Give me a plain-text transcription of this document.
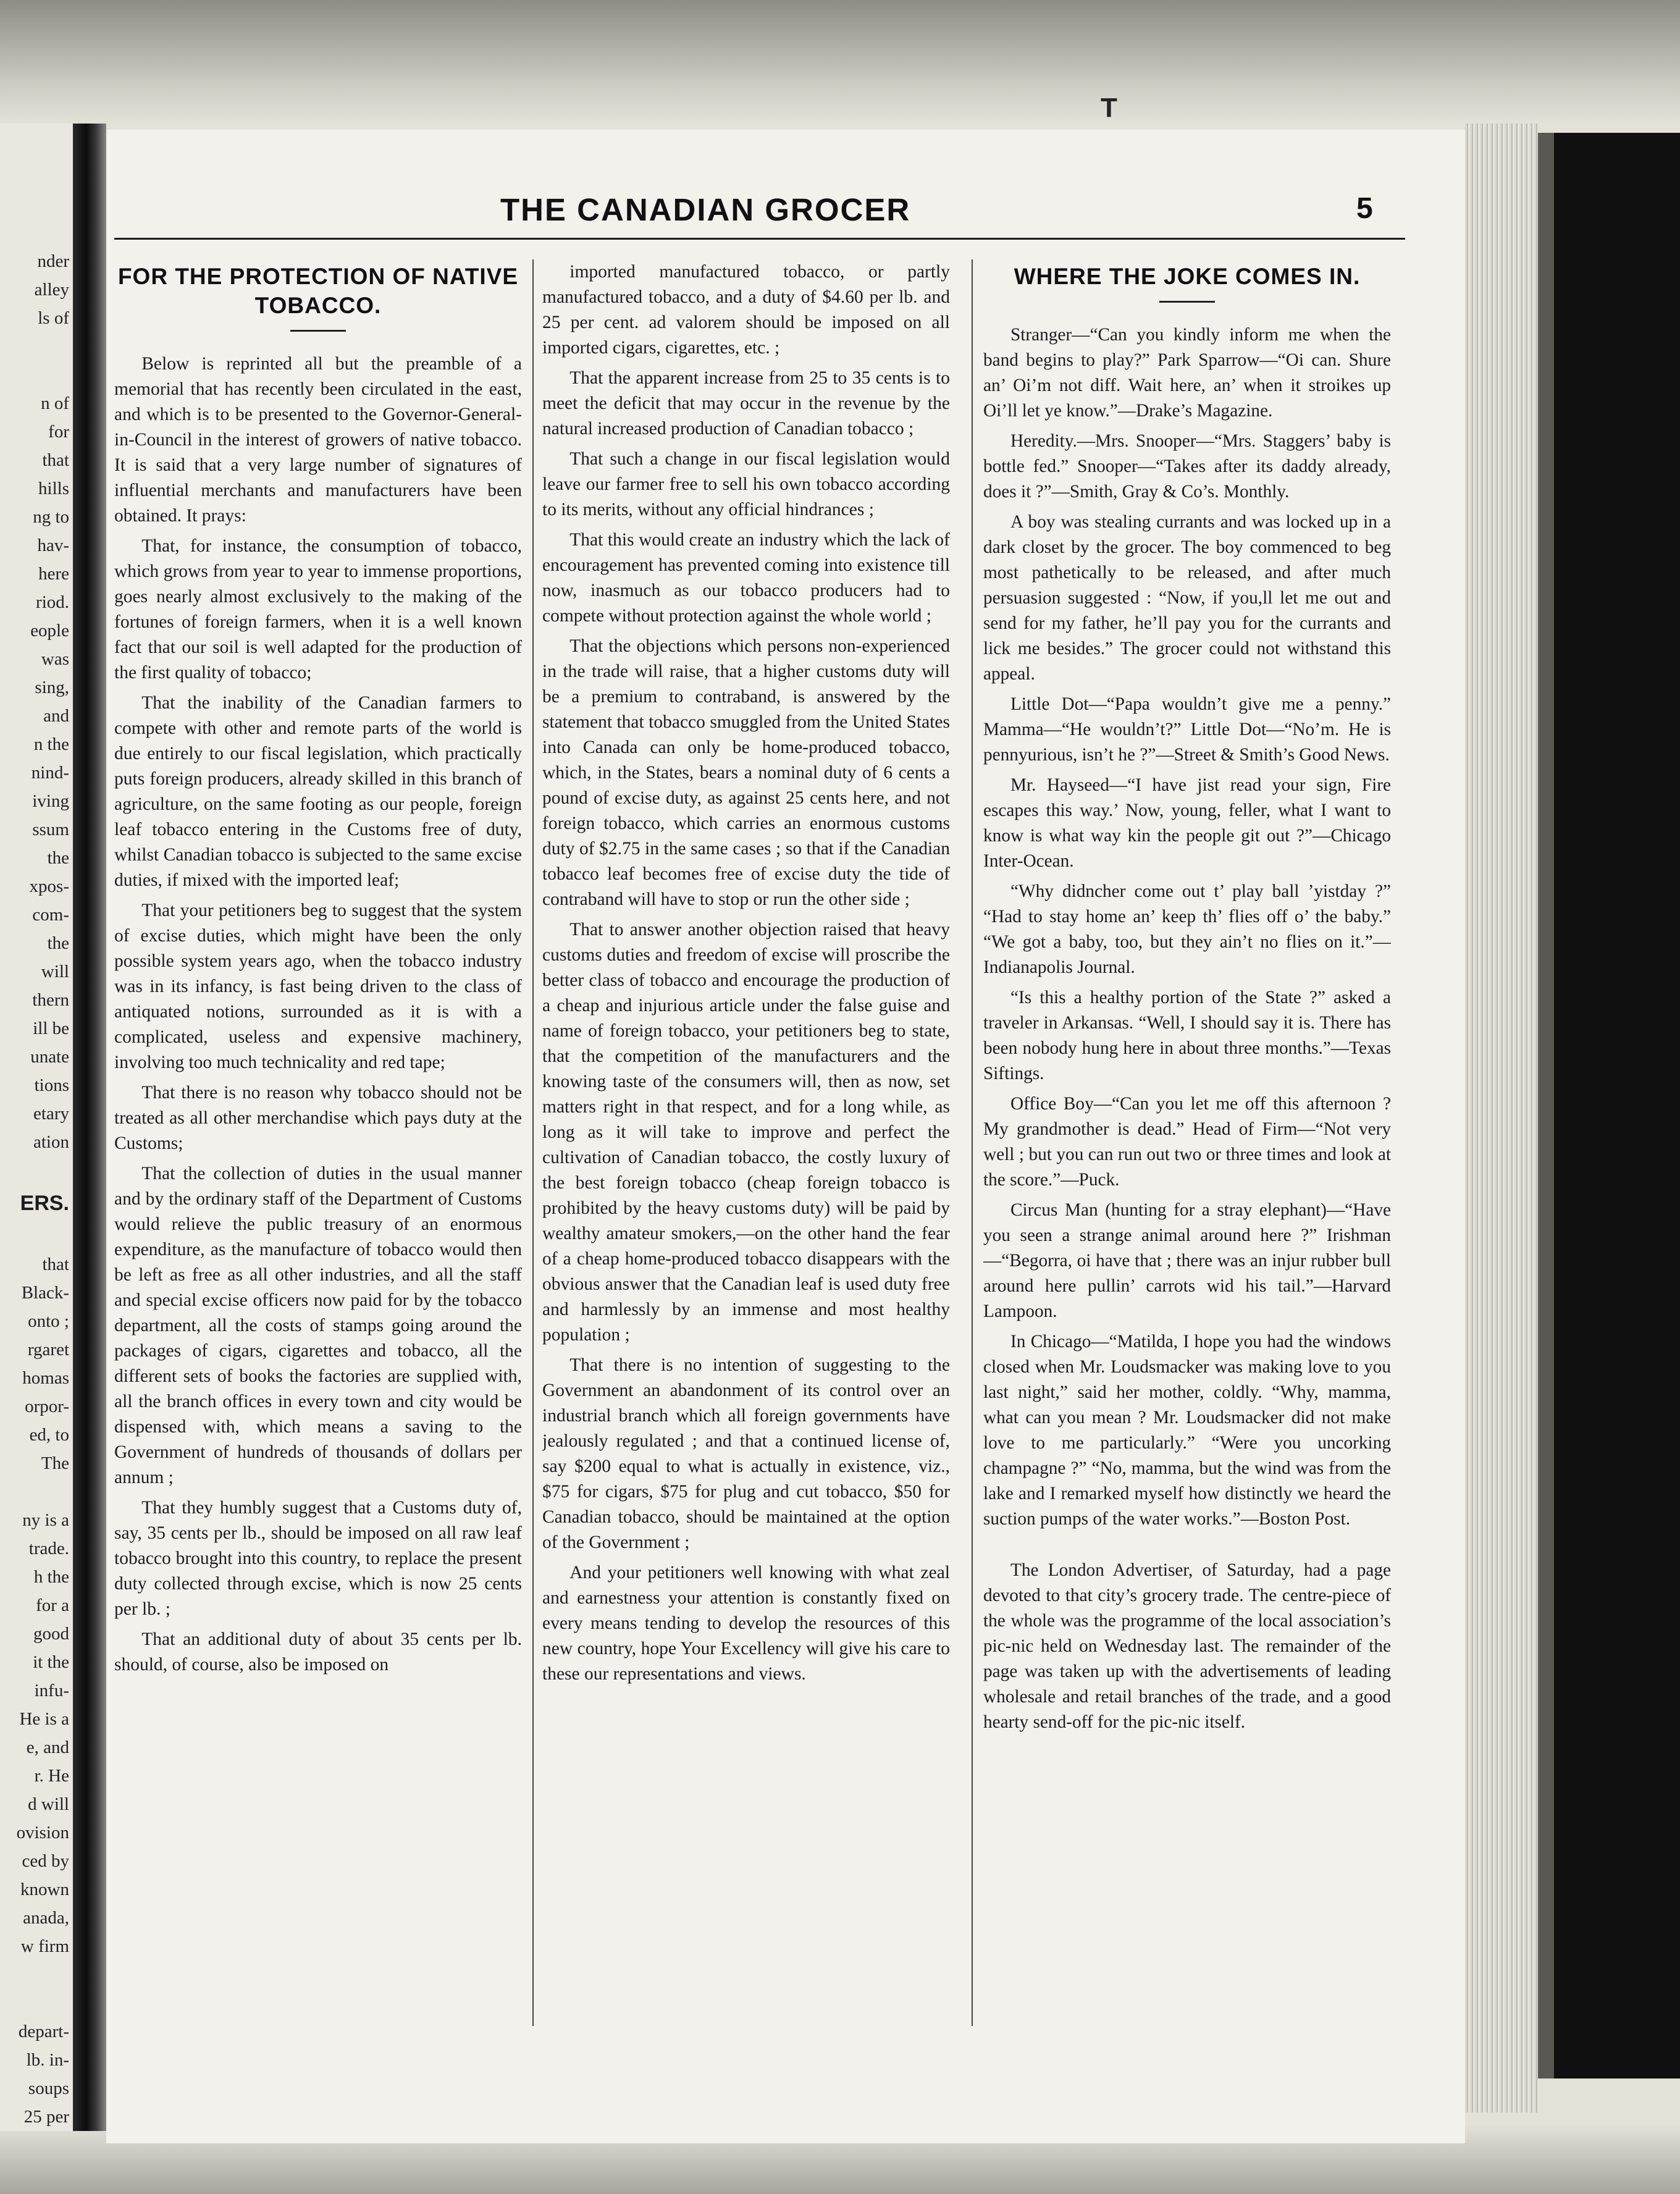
nder
alley
ls of
n of
for
that
hills
ng to
hav-
here
riod.
eople
was
sing,
and
n the
nind-
iving
ssum
the
xpos-
com-
the
will
thern
ill be
unate
tions
etary
ation
ERS.
that
Black-
onto ;
rgaret
homas
orpor-
ed, to
The
ny is a
trade.
h the
for a
good
it the
infu-
He is a
e, and
r. He
d will
ovision
ced by
known
anada,
w firm
depart-
lb. in-
soups
25 per
T
THE CANADIAN GROCER	5
FOR THE PROTECTION OF NATIVE TOBACCO.

Below is reprinted all but the preamble of a memorial that has recently been circulated in the east, and which is to be presented to the Governor-General-in-Council in the interest of growers of native tobacco. It is said that a very large number of signatures of influential merchants and manufacturers have been obtained. It prays:

That, for instance, the consumption of tobacco, which grows from year to year to immense proportions, goes nearly almost exclusively to the making of the fortunes of foreign farmers, when it is a well known fact that our soil is well adapted for the production of the first quality of tobacco;

That the inability of the Canadian farmers to compete with other and remote parts of the world is due entirely to our fiscal legislation, which practically puts foreign producers, already skilled in this branch of agriculture, on the same footing as our people, foreign leaf tobacco entering in the Customs free of duty, whilst Canadian tobacco is subjected to the same excise duties, if mixed with the imported leaf;

That your petitioners beg to suggest that the system of excise duties, which might have been the only possible system years ago, when the tobacco industry was in its infancy, is fast being driven to the class of antiquated notions, surrounded as it is with a complicated, useless and expensive machinery, involving too much technicality and red tape;

That there is no reason why tobacco should not be treated as all other merchandise which pays duty at the Customs;

That the collection of duties in the usual manner and by the ordinary staff of the Department of Customs would relieve the public treasury of an enormous expenditure, as the manufacture of tobacco would then be left as free as all other industries, and all the staff and special excise officers now paid for by the tobacco department, all the costs of stamps going around the packages of cigars, cigarettes and tobacco, all the different sets of books the factories are supplied with, all the branch offices in every town and city would be dispensed with, which means a saving to the Government of hundreds of thousands of dollars per annum ;

That they humbly suggest that a Customs duty of, say, 35 cents per lb., should be imposed on all raw leaf tobacco brought into this country, to replace the present duty collected through excise, which is now 25 cents per lb. ;

That an additional duty of about 35 cents per lb. should, of course, also be imposed on

imported manufactured tobacco, or partly manufactured tobacco, and a duty of $4.60 per lb. and 25 per cent. ad valorem should be imposed on all imported cigars, cigarettes, etc. ;

That the apparent increase from 25 to 35 cents is to meet the deficit that may occur in the revenue by the natural increased production of Canadian tobacco ;

That such a change in our fiscal legislation would leave our farmer free to sell his own tobacco according to its merits, without any official hindrances ;

That this would create an industry which the lack of encouragement has prevented coming into existence till now, inasmuch as our tobacco producers had to compete without protection against the whole world ;

That the objections which persons non-experienced in the trade will raise, that a higher customs duty will be a premium to contraband, is answered by the statement that tobacco smuggled from the United States into Canada can only be home-produced tobacco, which, in the States, bears a nominal duty of 6 cents a pound of excise duty, as against 25 cents here, and not foreign tobacco, which carries an enormous customs duty of $2.75 in the same cases ; so that if the Canadian tobacco leaf becomes free of excise duty the tide of contraband will have to stop or run the other side ;

That to answer another objection raised that heavy customs duties and freedom of excise will proscribe the better class of tobacco and encourage the production of a cheap and injurious article under the false guise and name of foreign tobacco, your petitioners beg to state, that the competition of the manufacturers and the knowing taste of the consumers will, then as now, set matters right in that respect, and for a long while, as long as it will take to improve and perfect the cultivation of Canadian tobacco, the costly luxury of the best foreign tobacco (cheap foreign tobacco is prohibited by the heavy customs duty) will be paid by wealthy amateur smokers,—on the other hand the fear of a cheap home-produced tobacco disappears with the obvious answer that the Canadian leaf is used duty free and harmlessly by an immense and most healthy population ;

That there is no intention of suggesting to the Government an abandonment of its control over an industrial branch which all foreign governments have jealously regulated ; and that a continued license of, say $200 equal to what is actually in existence, viz., $75 for cigars, $75 for plug and cut tobacco, $50 for Canadian tobacco, should be maintained at the option of the Government ;

And your petitioners well knowing with what zeal and earnestness your attention is constantly fixed on every means tending to develop the resources of this new country, hope Your Excellency will give his care to these our representations and views.

WHERE THE JOKE COMES IN.

Stranger—“Can you kindly inform me when the band begins to play?” Park Sparrow—“Oi can. Shure an’ Oi’m not diff. Wait here, an’ when it stroikes up Oi’ll let ye know.”—Drake’s Magazine.

Heredity.—Mrs. Snooper—“Mrs. Staggers’ baby is bottle fed.” Snooper—“Takes after its daddy already, does it ?”—Smith, Gray & Co’s. Monthly.

A boy was stealing currants and was locked up in a dark closet by the grocer. The boy commenced to beg most pathetically to be released, and after much persuasion suggested : “Now, if you,ll let me out and send for my father, he’ll pay you for the currants and lick me besides.” The grocer could not withstand this appeal.

Little Dot—“Papa wouldn’t give me a penny.” Mamma—“He wouldn’t?” Little Dot—“No’m. He is pennyurious, isn’t he ?”—Street & Smith’s Good News.

Mr. Hayseed—“I have jist read your sign, Fire escapes this way.’ Now, young, feller, what I want to know is what way kin the people git out ?”—Chicago Inter-Ocean.

“Why didncher come out t’ play ball ’yistday ?” “Had to stay home an’ keep th’ flies off o’ the baby.” “We got a baby, too, but they ain’t no flies on it.”—Indianapolis Journal.

“Is this a healthy portion of the State ?” asked a traveler in Arkansas. “Well, I should say it is. There has been nobody hung here in about three months.”—Texas Siftings.

Office Boy—“Can you let me off this afternoon ? My grandmother is dead.” Head of Firm—“Not very well ; but you can run out two or three times and look at the score.”—Puck.

Circus Man (hunting for a stray elephant)—“Have you seen a strange animal around here ?” Irishman—“Begorra, oi have that ; there was an injur rubber bull around here pullin’ carrots wid his tail.”—Harvard Lampoon.

In Chicago—“Matilda, I hope you had the windows closed when Mr. Loudsmacker was making love to you last night,” said her mother, coldly. “Why, mamma, what can you mean ? Mr. Loudsmacker did not make love to me particularly.” “Were you uncorking champagne ?” “No, mamma, but the wind was from the lake and I remarked myself how distinctly we heard the suction pumps of the water works.”—Boston Post.

The London Advertiser, of Saturday, had a page devoted to that city’s grocery trade. The centre-piece of the whole was the programme of the local association’s pic-nic held on Wednesday last. The remainder of the page was taken up with the advertisements of leading wholesale and retail branches of the trade, and a good hearty send-off for the pic-nic itself.
